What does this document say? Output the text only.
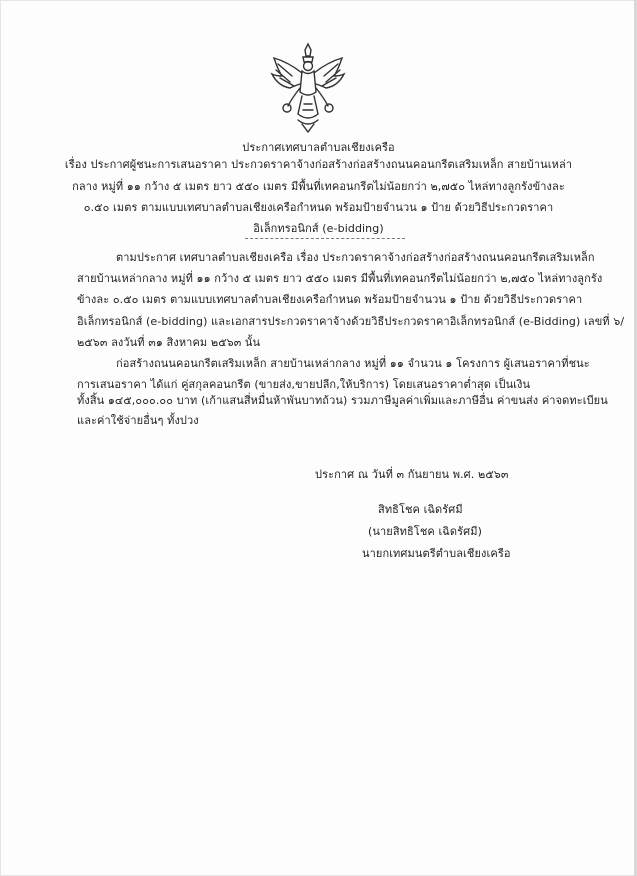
ประกาศเทศบาลตำบลเชียงเครือ
เรื่อง ประกาศผู้ชนะการเสนอราคา ประกวดราคาจ้างก่อสร้างก่อสร้างถนนคอนกรีตเสริมเหล็ก สายบ้านเหล่า
กลาง หมู่ที่ ๑๑ กว้าง ๕ เมตร ยาว ๕๕๐ เมตร มีพื้นที่เทคอนกรีตไม่น้อยกว่า ๒,๗๕๐ ไหล่ทางลูกรังข้างละ
๐.๕๐ เมตร ตามแบบเทศบาลตำบลเชียงเครือกำหนด พร้อมป้ายจำนวน ๑ ป้าย ด้วยวิธีประกวดราคา
อิเล็กทรอนิกส์ (e-bidding)
ตามประกาศ เทศบาลตำบลเชียงเครือ เรื่อง ประกวดราคาจ้างก่อสร้างก่อสร้างถนนคอนกรีตเสริมเหล็ก
สายบ้านเหล่ากลาง หมู่ที่ ๑๑ กว้าง ๕ เมตร ยาว ๕๕๐ เมตร มีพื้นที่เทคอนกรีตไม่น้อยกว่า ๒,๗๕๐ ไหล่ทางลูกรัง
ข้างละ ๐.๕๐ เมตร ตามแบบเทศบาลตำบลเชียงเครือกำหนด พร้อมป้ายจำนวน ๑ ป้าย ด้วยวิธีประกวดราคา
อิเล็กทรอนิกส์ (e-bidding) และเอกสารประกวดราคาจ้างด้วยวิธีประกวดราคาอิเล็กทรอนิกส์ (e-Bidding) เลขที่ ๖/
๒๕๖๓ ลงวันที่ ๓๑ สิงหาคม ๒๕๖๓ นั้น
ก่อสร้างถนนคอนกรีตเสริมเหล็ก สายบ้านเหล่ากลาง หมู่ที่ ๑๑ จำนวน ๑ โครงการ ผู้เสนอราคาที่ชนะ
การเสนอราคา ได้แก่ คู่สกุลคอนกรีต (ขายส่ง,ขายปลีก,ให้บริการ) โดยเสนอราคาต่ำสุด เป็นเงิน
ทั้งสิ้น ๑๔๕,๐๐๐.๐๐ บาท (เก้าแสนสี่หมื่นห้าพันบาทถ้วน) รวมภาษีมูลค่าเพิ่มและภาษีอื่น ค่าขนส่ง ค่าจดทะเบียน
และค่าใช้จ่ายอื่นๆ ทั้งปวง
ประกาศ ณ วันที่ ๓ กันยายน พ.ศ. ๒๕๖๓
สิทธิโชค เฉิดรัศมี
(นายสิทธิโชค เฉิดรัศมี)
นายกเทศมนตรีตำบลเชียงเครือ
